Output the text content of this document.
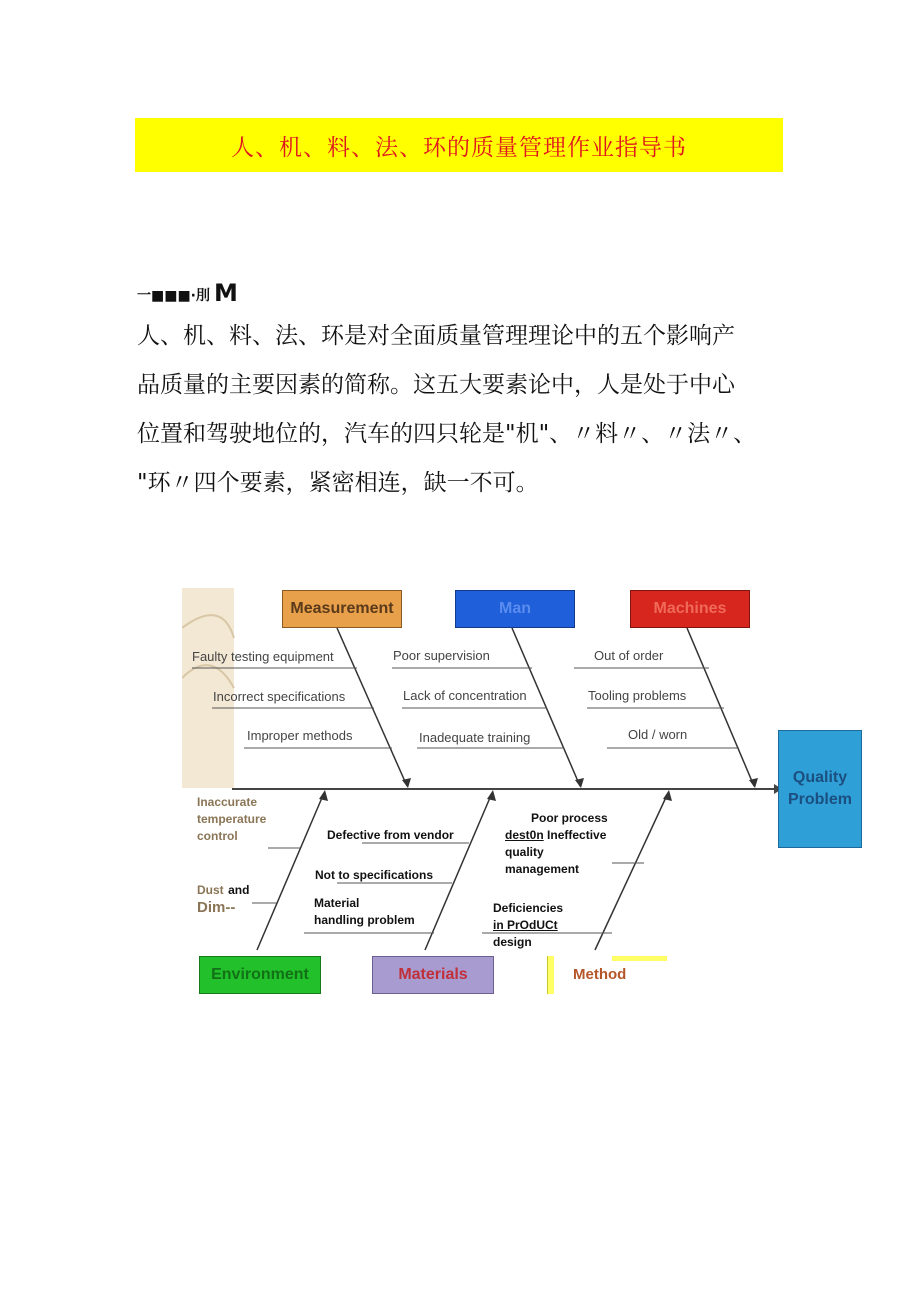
人、机、料、法、环的质量管理作业指导书
一■■■·刖 M

人、机、料、法、环是对全面质量管理理论中的五个影响产

品质量的主要因素的简称。这五大要素论中，人是处于中心

位置和驾驶地位的，汽车的四只轮是"机"、〃料〃、〃法〃、

"环〃四个要素，紧密相连，缺一不可。

Measurement	Man	Machines
Quality
Problem
Faulty testing equipment
Incorrect specifications
Improper methods
Poor supervision
Lack of concentration
Inadequate training
Out of order
Tooling problems
Old / worn
Inaccurate
temperature
control
Dust and
Dim--
Defective from vendor
Not to specifications
Material
handling problem
Poor process
dest0n Ineffective
quality
management
Deficiencies
in PrOdUCt
design
Environment	Materials	Method
